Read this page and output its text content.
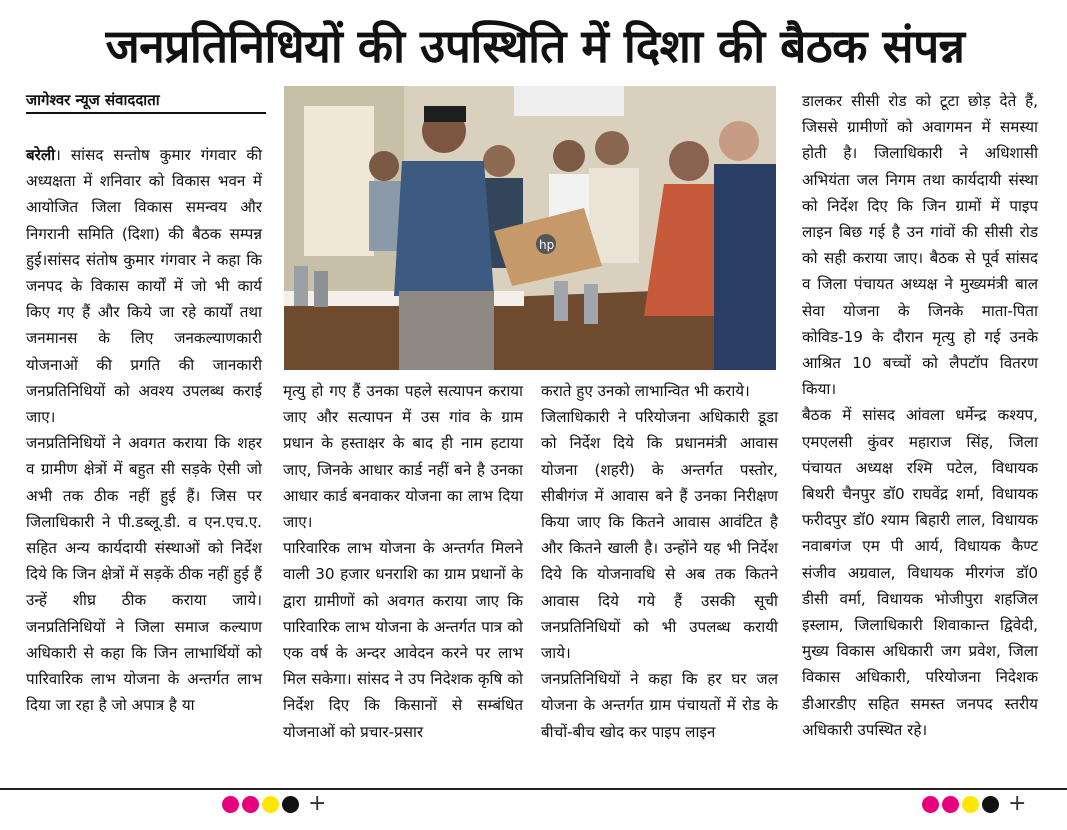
जनप्रतिनिधियों की उपस्थिति में दिशा की बैठक संपन्न
जागेश्वर न्यूज संवाददाता

बरेली। सांसद सन्तोष कुमार गंगवार की अध्यक्षता में शनिवार को विकास भवन में आयोजित जिला विकास समन्वय और निगरानी समिति (दिशा) की बैठक सम्पन्न हुई।सांसद संतोष कुमार गंगवार ने कहा कि जनपद के विकास कार्यों में जो भी कार्य किए गए हैं और किये जा रहे कार्यों तथा जनमानस के लिए जनकल्याणकारी योजनाओं की प्रगति की जानकारी जनप्रतिनिधियों को अवश्य उपलब्ध कराई जाए।

जनप्रतिनिधियों ने अवगत कराया कि शहर व ग्रामीण क्षेत्रों में बहुत सी सड़के ऐसी जो अभी तक ठीक नहीं हुई हैं। जिस पर जिलाधिकारी ने पी.डब्लू.डी. व एन.एच.ए. सहित अन्य कार्यदायी संस्थाओं को निर्देश दिये कि जिन क्षेत्रों में सड़कें ठीक नहीं हुई हैं उन्हें शीघ्र ठीक कराया जाये। जनप्रतिनिधियों ने जिला समाज कल्याण अधिकारी से कहा कि जिन लाभार्थियों को पारिवारिक लाभ योजना के अन्तर्गत लाभ दिया जा रहा है जो अपात्र है या

hp

मृत्यु हो गए हैं उनका पहले सत्यापन कराया जाए और सत्यापन में उस गांव के ग्राम प्रधान के हस्ताक्षर के बाद ही नाम हटाया जाए, जिनके आधार कार्ड नहीं बने है उनका आधार कार्ड बनवाकर योजना का लाभ दिया जाए।

पारिवारिक लाभ योजना के अन्तर्गत मिलने वाली 30 हजार धनराशि का ग्राम प्रधानों के द्वारा ग्रामीणों को अवगत कराया जाए कि पारिवारिक लाभ योजना के अन्तर्गत पात्र को एक वर्ष के अन्दर आवेदन करने पर लाभ मिल सकेगा। सांसद ने उप निदेशक कृषि को निर्देश दिए कि किसानों से सम्बंधित योजनाओं को प्रचार-प्रसार

कराते हुए उनको लाभान्वित भी कराये।

जिलाधिकारी ने परियोजना अधिकारी डूडा को निर्देश दिये कि प्रधानमंत्री आवास योजना (शहरी) के अन्तर्गत पस्तोर, सीबीगंज में आवास बने हैं उनका निरीक्षण किया जाए कि कितने आवास आवंटित है और कितने खाली है। उन्होंने यह भी निर्देश दिये कि योजनावधि से अब तक कितने आवास दिये गये हैं उसकी सूची जनप्रतिनिधियों को भी उपलब्ध करायी जाये।

जनप्रतिनिधियों ने कहा कि हर घर जल योजना के अन्तर्गत ग्राम पंचायतों में रोड के बीचों-बीच खोद कर पाइप लाइन

डालकर सीसी रोड को टूटा छोड़ देते हैं, जिससे ग्रामीणों को अवागमन में समस्या होती है। जिलाधिकारी ने अधिशासी अभियंता जल निगम तथा कार्यदायी संस्था को निर्देश दिए कि जिन ग्रामों में पाइप लाइन बिछ गई है उन गांवों की सीसी रोड को सही कराया जाए। बैठक से पूर्व सांसद व जिला पंचायत अध्यक्ष ने मुख्यमंत्री बाल सेवा योजना के जिनके माता-पिता कोविड-19 के दौरान मृत्यु हो गई उनके आश्रित 10 बच्चों को लैपटॉप वितरण किया।

बैठक में सांसद आंवला धर्मेन्द्र कश्यप, एमएलसी कुंवर महाराज सिंह, जिला पंचायत अध्यक्ष रश्मि पटेल, विधायक बिथरी चैनपुर डॉ0 राघवेंद्र शर्मा, विधायक फरीदपुर डॉ0 श्याम बिहारी लाल, विधायक नवाबगंज एम पी आर्य, विधायक कैण्ट संजीव अग्रवाल, विधायक मीरगंज डॉ0 डीसी वर्मा, विधायक भोजीपुरा शहजिल इस्लाम, जिलाधिकारी शिवाकान्त द्विवेदी, मुख्य विकास अधिकारी जग प्रवेश, जिला विकास अधिकारी, परियोजना निदेशक डीआरडीए सहित समस्त जनपद स्तरीय अधिकारी उपस्थित रहे।

+	+
